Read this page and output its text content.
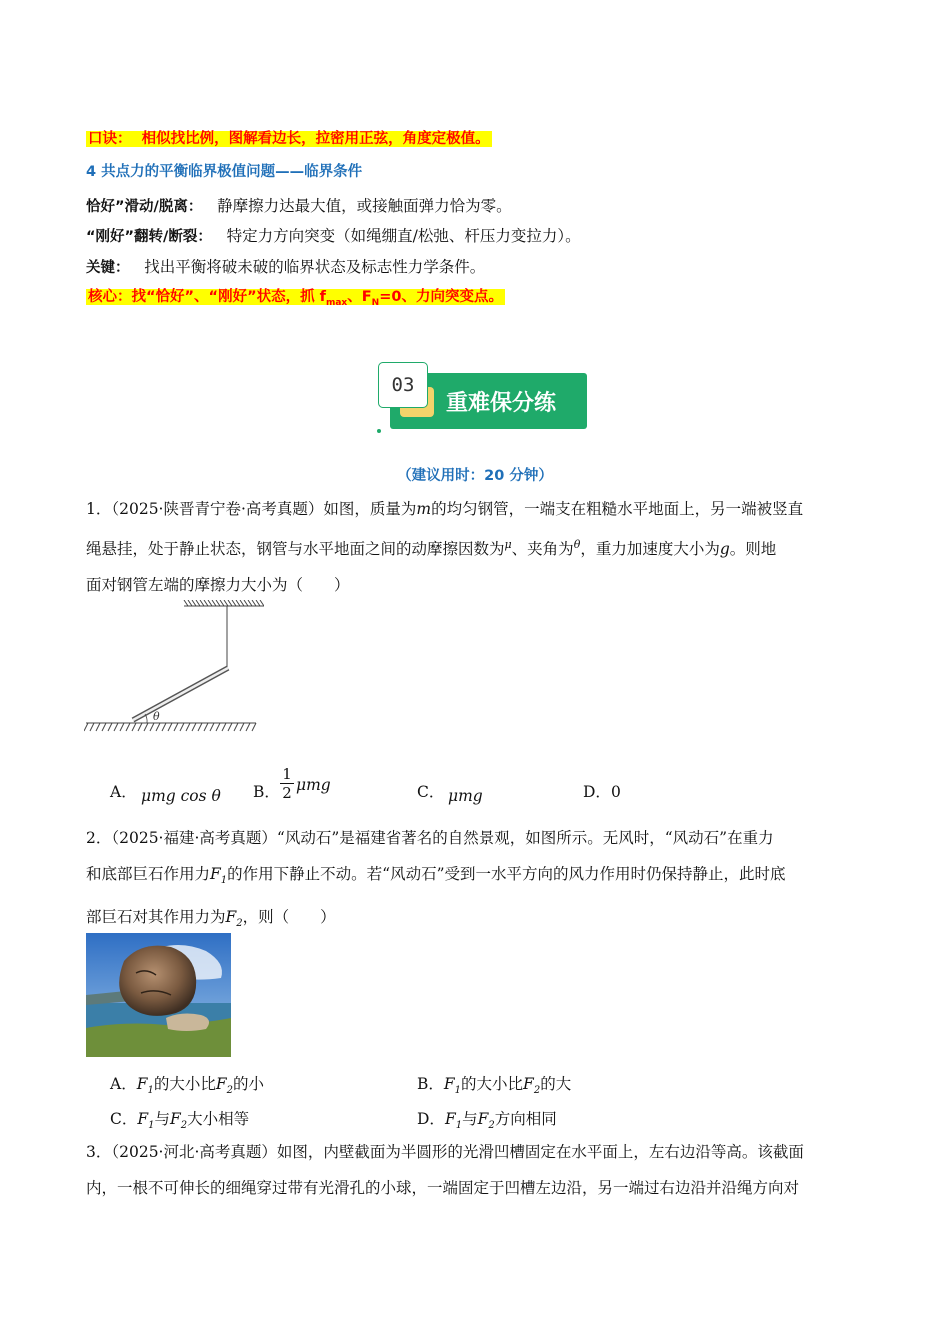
口诀： 相似找比例，图解看边长，拉密用正弦，角度定极值。
4 共点力的平衡临界极值问题——临界条件
恰好”滑动/脱离： 静摩擦力达最大值，或接触面弹力恰为零。
“刚好”翻转/断裂： 特定力方向突变（如绳绷直/松弛、杆压力变拉力）。
关键： 找出平衡将破未破的临界状态及标志性力学条件。
核心：找“恰好”、“刚好”状态，抓 $f_{max}$、$F_N=0$、力向突变点。
03
重难保分练
（建议用时：20 分钟）
1．（2025·陕晋青宁卷·高考真题）如图，质量为m的均匀钢管，一端支在粗糙水平地面上，另一端被竖直
绳悬挂，处于静止状态，钢管与水平地面之间的动摩擦因数为$^\mu$、夹角为$^\theta$，重力加速度大小为g。则地
面对钢管左端的摩擦力大小为（　　）
θ
A． μmg cos θ B． $\frac{1}{2}$ μmg	C． μmg	D．0
2．（2025·福建·高考真题）“风动石”是福建省著名的自然景观，如图所示。无风时，“风动石”在重力
和底部巨石作用力$F_1$的作用下静止不动。若“风动石”受到一水平方向的风力作用时仍保持静止，此时底
部巨石对其作用力为$F_2$，则（　　）
A．$F_1$的大小比$F_2$的小	B．$F_1$的大小比$F_2$的大
C．$F_1$与$F_2$大小相等	D．$F_1$与$F_2$方向相同
3．（2025·河北·高考真题）如图，内壁截面为半圆形的光滑凹槽固定在水平面上，左右边沿等高。该截面
内，一根不可伸长的细绳穿过带有光滑孔的小球，一端固定于凹槽左边沿，另一端过右边沿并沿绳方向对
